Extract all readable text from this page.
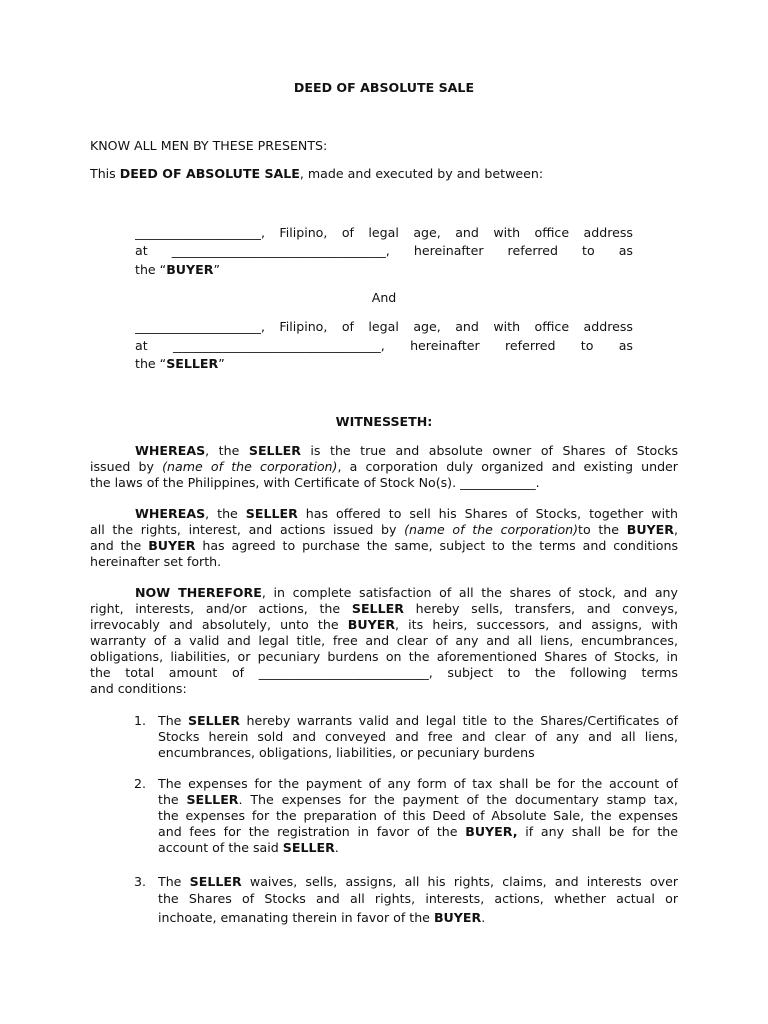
DEED OF ABSOLUTE SALE
KNOW ALL MEN BY THESE PRESENTS:
This DEED OF ABSOLUTE SALE, made and executed by and between:
____________________, Filipino, of legal age, and with office address
at __________________________________, hereinafter referred to as
the “BUYER”
And
____________________, Filipino, of legal age, and with office address
at _________________________________, hereinafter referred to as
the “SELLER”
WITNESSETH:
WHEREAS, the SELLER is the true and absolute owner of Shares of Stocks
issued by (name of the corporation), a corporation duly organized and existing under
the laws of the Philippines, with Certificate of Stock No(s). ____________.
WHEREAS, the SELLER has offered to sell his Shares of Stocks, together with
all the rights, interest, and actions issued by (name of the corporation)to the BUYER,
and the BUYER has agreed to purchase the same, subject to the terms and conditions
hereinafter set forth.
NOW THEREFORE, in complete satisfaction of all the shares of stock, and any
right, interests, and/or actions, the SELLER hereby sells, transfers, and conveys,
irrevocably and absolutely, unto the BUYER, its heirs, successors, and assigns, with
warranty of a valid and legal title, free and clear of any and all liens, encumbrances,
obligations, liabilities, or pecuniary burdens on the aforementioned Shares of Stocks, in
the total amount of ___________________________, subject to the following terms
and conditions:
1. The SELLER hereby warrants valid and legal title to the Shares/Certificates of
Stocks herein sold and conveyed and free and clear of any and all liens,
encumbrances, obligations, liabilities, or pecuniary burdens
2. The expenses for the payment of any form of tax shall be for the account of
the SELLER. The expenses for the payment of the documentary stamp tax,
the expenses for the preparation of this Deed of Absolute Sale, the expenses
and fees for the registration in favor of the BUYER, if any shall be for the
account of the said SELLER.
3. The SELLER waives, sells, assigns, all his rights, claims, and interests over
the Shares of Stocks and all rights, interests, actions, whether actual or
inchoate, emanating therein in favor of the BUYER.
